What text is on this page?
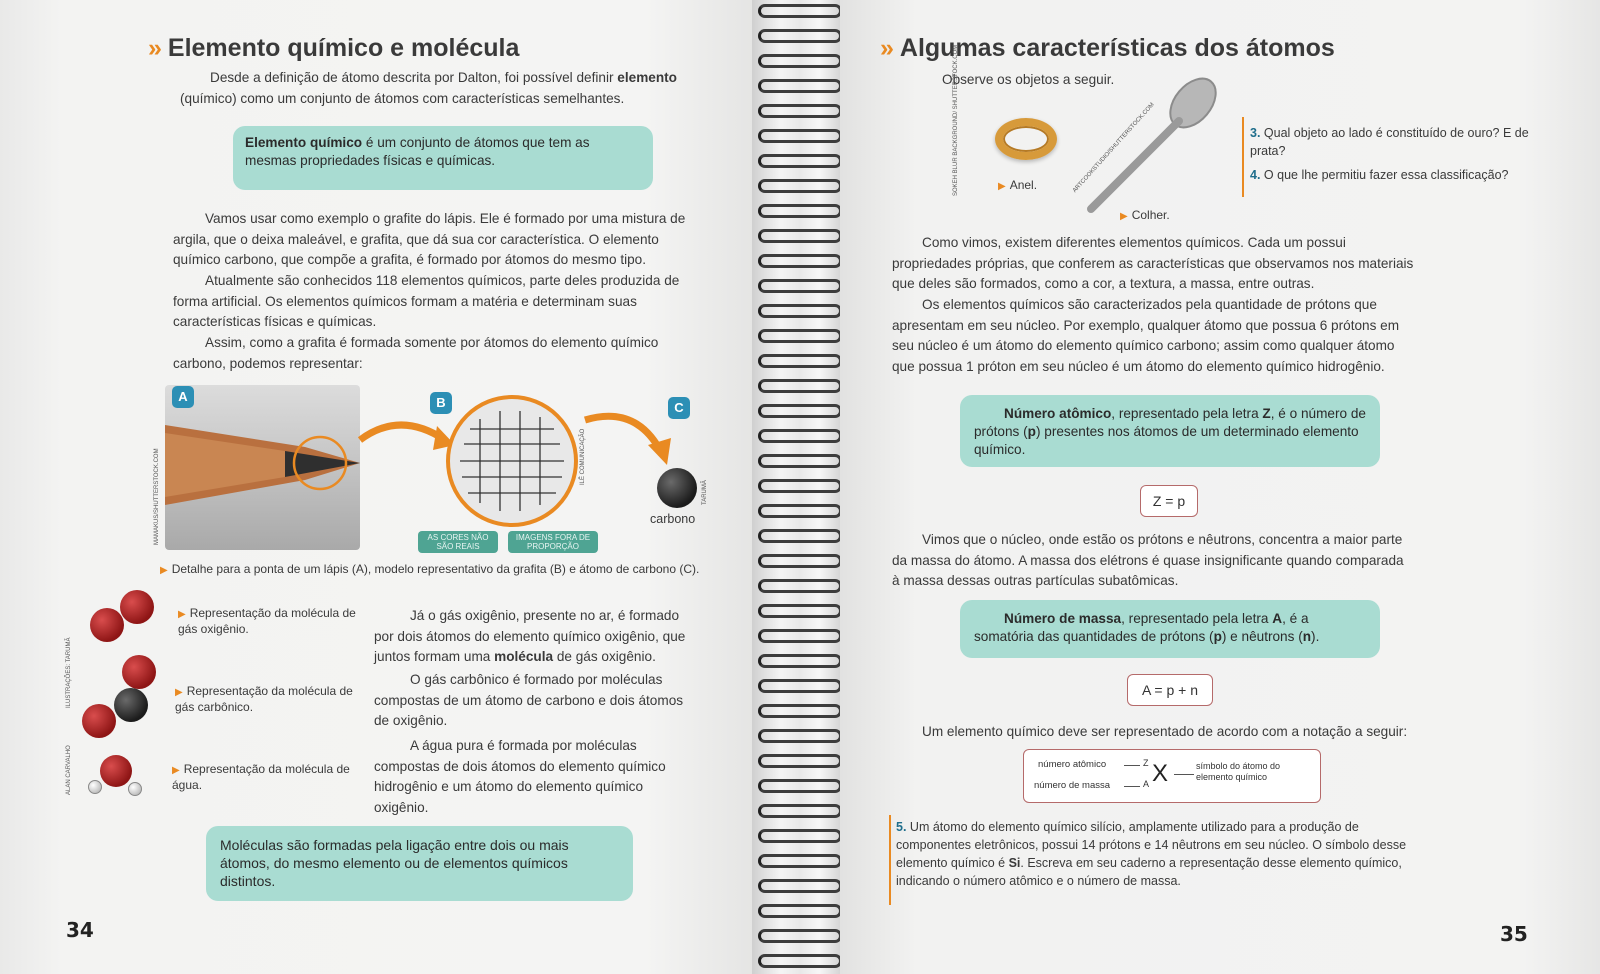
» Elemento químico e molécula
Desde a definição de átomo descrita por Dalton, foi possível definir elemento (químico) como um conjunto de átomos com características semelhantes.
Elemento químico é um conjunto de átomos que tem as mesmas propriedades físicas e químicas.
Vamos usar como exemplo o grafite do lápis. Ele é formado por uma mistura de argila, que o deixa maleável, e grafita, que dá sua cor característica. O elemento químico carbono, que compõe a grafita, é formado por átomos do mesmo tipo.
Atualmente são conhecidos 118 elementos químicos, parte deles produzida de forma artificial. Os elementos químicos formam a matéria e determinam suas características físicas e químicas.
Assim, como a grafita é formada somente por átomos do elemento químico carbono, podemos representar:
A
MAMAKUS/SHUTTERSTOCK.COM
B
ILÊ COMUNICAÇÃO
C
carbono
TARUMÃ
AS CORES NÃO SÃO REAIS
IMAGENS FORA DE PROPORÇÃO
▶ Detalhe para a ponta de um lápis (A), modelo representativo da grafita (B) e átomo de carbono (C).
▶ Representação da molécula de gás oxigênio.
▶ Representação da molécula de gás carbônico.
▶ Representação da molécula de água.
ILUSTRAÇÕES: TARUMÃ
ALAN CARVALHO
Já o gás oxigênio, presente no ar, é formado por dois átomos do elemento químico oxigênio, que juntos formam uma molécula de gás oxigênio.
O gás carbônico é formado por moléculas compostas de um átomo de carbono e dois átomos de oxigênio.
A água pura é formada por moléculas compostas de dois átomos do elemento químico hidrogênio e um átomo do elemento químico oxigênio.
Moléculas são formadas pela ligação entre dois ou mais átomos, do mesmo elemento ou de elementos químicos distintos.
34
» Algumas características dos átomos
Observe os objetos a seguir.
▶ Anel.
SOKEH BLUR BACKGROUND/ SHUTTERSTOCK.COM
▶ Colher.
ARTCOOKSTUDIO/SHUTTERSTOCK.COM	3. Qual objeto ao lado é constituído de ouro? E de prata?
4. O que lhe permitiu fazer essa classificação?
Como vimos, existem diferentes elementos químicos. Cada um possui propriedades próprias, que conferem as características que observamos nos materiais que deles são formados, como a cor, a textura, a massa, entre outras.
Os elementos químicos são caracterizados pela quantidade de prótons que apresentam em seu núcleo. Por exemplo, qualquer átomo que possua 6 prótons em seu núcleo é um átomo do elemento químico carbono; assim como qualquer átomo que possua 1 próton em seu núcleo é um átomo do elemento químico hidrogênio.
Número atômico, representado pela letra Z, é o número de prótons (p) presentes nos átomos de um determinado elemento químico.
Z = p
Vimos que o núcleo, onde estão os prótons e nêutrons, concentra a maior parte da massa do átomo. A massa dos elétrons é quase insignificante quando comparada à massa dessas outras partículas subatômicas.
Número de massa, representado pela letra A, é a somatória das quantidades de prótons (p) e nêutrons (n).
A = p + n
Um elemento químico deve ser representado de acordo com a notação a seguir:
número atômico	Z
número de massa	A X	símbolo do átomo do elemento químico
5. Um átomo do elemento químico silício, amplamente utilizado para a produção de componentes eletrônicos, possui 14 prótons e 14 nêutrons em seu núcleo. O símbolo desse elemento químico é Si. Escreva em seu caderno a representação desse elemento químico, indicando o número atômico e o número de massa.
35
